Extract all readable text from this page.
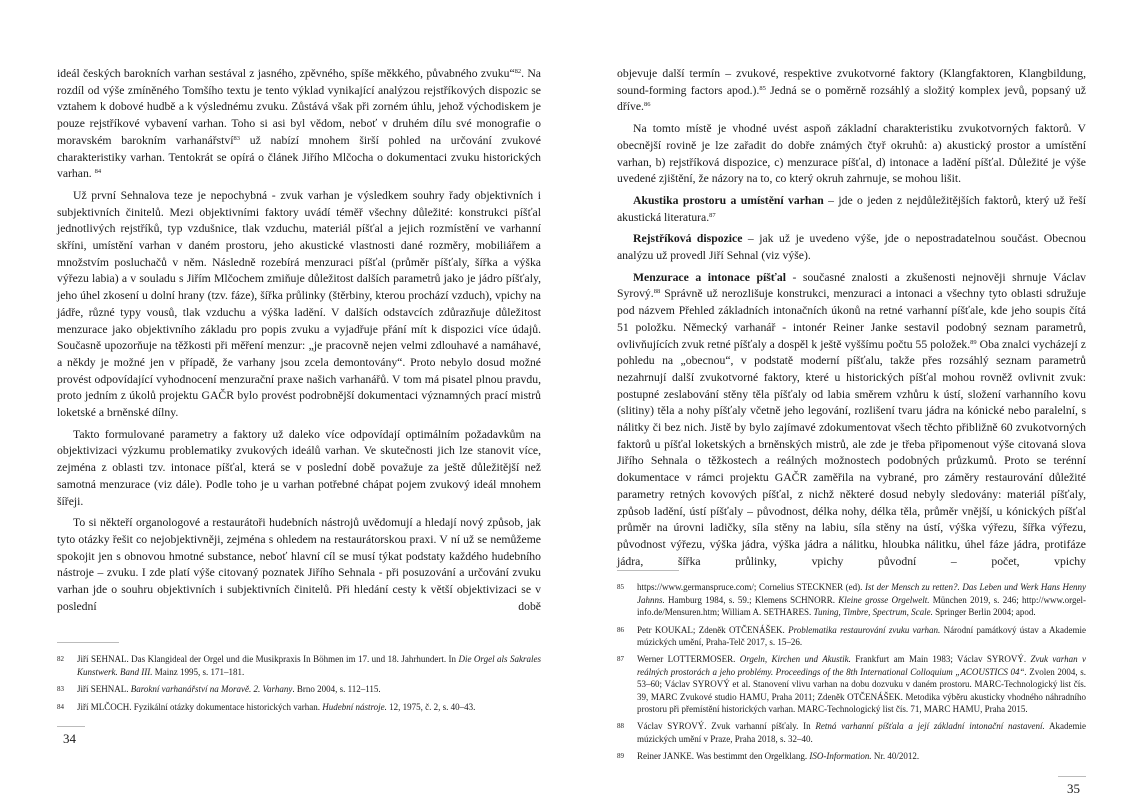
ideál českých barokních varhan sestával z jasného, zpěvného, spíše měkkého, půvabného zvuku“$^{82}$. Na rozdíl od výše zmíněného Tomšího textu je tento výklad vynikající analýzou rejstříkových dispozic se vztahem k dobové hudbě a k výslednému zvuku. Zůstává však při zorném úhlu, jehož východiskem je pouze rejstříkové vybavení varhan. Toho si asi byl vědom, neboť v druhém dílu své monografie o moravském barokním varhanářství$^{83}$ už nabízí mnohem širší pohled na určování zvukové charakteristiky varhan. Tentokrát se opírá o článek Jiřího Mlčocha o dokumentaci zvuku historických varhan. $^{84}$

Už první Sehnalova teze je nepochybná - zvuk varhan je výsledkem souhry řady objektivních i subjektivních činitelů. Mezi objektivními faktory uvádí téměř všechny důležité: konstrukci píšťal jednotlivých rejstříků, typ vzdušnice, tlak vzduchu, materiál píšťal a jejich rozmístění ve varhanní skříni, umístění varhan v daném prostoru, jeho akustické vlastnosti dané rozměry, mobiliářem a množstvím posluchačů v něm. Následně rozebírá menzuraci píšťal (průměr píšťaly, šířka a výška výřezu labia) a v souladu s Jiřím Mlčochem zmiňuje důležitost dalších parametrů jako je jádro píšťaly, jeho úhel zkosení u dolní hrany (tzv. fáze), šířka průlinky (štěrbiny, kterou prochází vzduch), vpichy na jádře, různé typy vousů, tlak vzduchu a výška ladění. V dalších odstavcích zdůrazňuje důležitost menzurace jako objektivního základu pro popis zvuku a vyjadřuje přání mít k dispozici více údajů. Současně upozorňuje na těžkosti při měření menzur: „je pracovně nejen velmi zdlouhavé a namáhavé, a někdy je možné jen v případě, že varhany jsou zcela demontovány“. Proto nebylo dosud možné provést odpovídající vyhodnocení menzurační praxe našich varhanářů. V tom má pisatel plnou pravdu, proto jedním z úkolů projektu GAČR bylo provést podrobnější dokumentaci významných prací mistrů loketské a brněnské dílny.

Takto formulované parametry a faktory už daleko více odpovídají optimálním požadavkům na objektivizaci výzkumu problematiky zvukových ideálů varhan. Ve skutečnosti jich lze stanovit více, zejména z oblasti tzv. intonace píšťal, která se v poslední době považuje za ještě důležitější než samotná menzurace (viz dále). Podle toho je u varhan potřebné chápat pojem zvukový ideál mnohem šířeji.

To si někteří organologové a restaurátoři hudebních nástrojů uvědomují a hledají nový způsob, jak tyto otázky řešit co nejobjektivněji, zejména s ohledem na restaurátorskou praxi. V ní už se nemůžeme spokojit jen s obnovou hmotné substance, neboť hlavní cíl se musí týkat podstaty každého hudebního nástroje – zvuku. I zde platí výše citovaný poznatek Jiřího Sehnala - při posuzování a určování zvuku varhan jde o souhru objektivních i subjektivních činitelů. Při hledání cesty k větší objektivizaci se v poslední době

82 Jiří SEHNAL. Das Klangideal der Orgel und die Musikpraxis In Böhmen im 17. und 18. Jahrhundert. In Die Orgel als Sakrales Kunstwerk. Band III. Mainz 1995, s. 171–181.
83 Jiří SEHNAL. Barokní varhanářství na Moravě. 2. Varhany. Brno 2004, s. 112–115.
84 Jiří MLČOCH. Fyzikální otázky dokumentace historických varhan. Hudební nástroje. 12, 1975, č. 2, s. 40–43.
34

objevuje další termín – zvukové, respektive zvukotvorné faktory (Klangfaktoren, Klangbildung, sound-forming factors apod.).$^{85}$ Jedná se o poměrně rozsáhlý a složitý komplex jevů, popsaný už dříve.$^{86}$

Na tomto místě je vhodné uvést aspoň základní charakteristiku zvukotvorných faktorů. V obecnější rovině je lze zařadit do dobře známých čtyř okruhů: a) akustický prostor a umístění varhan, b) rejstříková dispozice, c) menzurace píšťal, d) intonace a ladění píšťal. Důležité je výše uvedené zjištění, že názory na to, co který okruh zahrnuje, se mohou lišit.

Akustika prostoru a umístění varhan – jde o jeden z nejdůležitějších faktorů, který už řeší akustická literatura.$^{87}$

Rejstříková dispozice – jak už je uvedeno výše, jde o nepostradatelnou součást. Obecnou analýzu už provedl Jiří Sehnal (viz výše).

Menzurace a intonace píšťal - současné znalosti a zkušenosti nejnověji shrnuje Václav Syrový.$^{88}$ Správně už nerozlišuje konstrukci, menzuraci a intonaci a všechny tyto oblasti sdružuje pod názvem Přehled základních intonačních úkonů na retné varhanní píšťale, kde jeho soupis čítá 51 položku. Německý varhanář - intonér Reiner Janke sestavil podobný seznam parametrů, ovlivňujících zvuk retné píšťaly a dospěl k ještě vyššímu počtu 55 položek.$^{89}$ Oba znalci vycházejí z pohledu na „obecnou“, v podstatě moderní píšťalu, takže přes rozsáhlý seznam parametrů nezahrnují další zvukotvorné faktory, které u historických píšťal mohou rovněž ovlivnit zvuk: postupné zeslabování stěny těla píšťaly od labia směrem vzhůru k ústí, složení varhanního kovu (slitiny) těla a nohy píšťaly včetně jeho legování, rozlišení tvaru jádra na kónické nebo paralelní, s nálitky či bez nich. Jistě by bylo zajímavé zdokumentovat všech těchto přibližně 60 zvukotvorných faktorů u píšťal loketských a brněnských mistrů, ale zde je třeba připomenout výše citovaná slova Jiřího Sehnala o těžkostech a reálných možnostech podobných průzkumů. Proto se terénní dokumentace v rámci projektu GAČR zaměřila na vybrané, pro záměry restaurování důležité parametry retných kovových píšťal, z nichž některé dosud nebyly sledovány: materiál píšťaly, způsob ladění, ústí píšťaly – původnost, délka nohy, délka těla, průměr vnější, u kónických píšťal průměr na úrovni ladičky, síla stěny na labiu, síla stěny na ústí, výška výřezu, šířka výřezu, původnost výřezu, výška jádra, výška jádra a nálitku, hloubka nálitku, úhel fáze jádra, protifáze jádra, šířka průlinky, vpichy původní – počet, vpichy

85 https://www.germanspruce.com/; Cornelius STECKNER (ed). Ist der Mensch zu retten?. Das Leben und Werk Hans Henny Jahnns. Hamburg 1984, s. 59.; Klemens SCHNORR. Kleine grosse Orgelwelt. München 2019, s. 246; http://www.orgel-info.de/Mensuren.htm; William A. SETHARES. Tuning, Timbre, Spectrum, Scale. Springer Berlin 2004; apod.
86 Petr KOUKAL; Zdeněk OTČENÁŠEK. Problematika restaurování zvuku varhan. Národní památkový ústav a Akademie múzických umění, Praha-Telč 2017, s. 15–26.
87 Werner LOTTERMOSER. Orgeln, Kirchen und Akustik. Frankfurt am Main 1983; Václav SYROVÝ. Zvuk varhan v reálných prostorách a jeho problémy. Proceedings of the 8th International Colloquium „ACOUSTICS 04“. Zvolen 2004, s. 53–60; Václav SYROVÝ et al. Stanovení vlivu varhan na dobu dozvuku v daném prostoru. MARC-Technologický list čís. 39, MARC Zvukové studio HAMU, Praha 2011; Zdeněk OTČENÁŠEK. Metodika výběru akusticky vhodného náhradního prostoru při přemístění historických varhan. MARC-Technologický list čís. 71, MARC HAMU, Praha 2015.
88 Václav SYROVÝ. Zvuk varhanní píšťaly. In Retná varhanní píšťala a její základní intonační nastavení. Akademie múzických umění v Praze, Praha 2018, s. 32–40.
89 Reiner JANKE. Was bestimmt den Orgelklang. ISO-Information. Nr. 40/2012.
35
